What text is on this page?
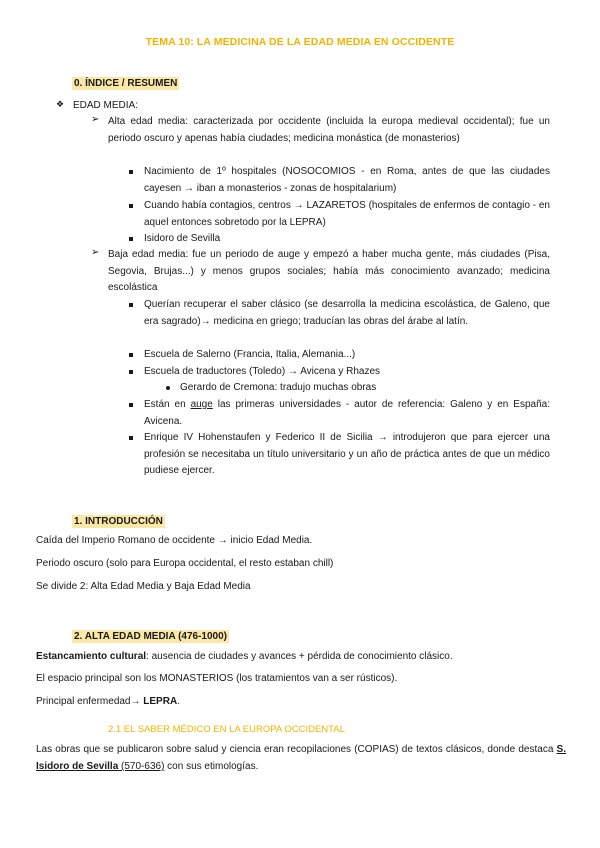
TEMA 10: LA MEDICINA DE LA EDAD MEDIA EN OCCIDENTE
0. ÍNDICE / RESUMEN
❖ EDAD MEDIA:
➢ Alta edad media: caracterizada por occidente (incluida la europa medieval occidental); fue un periodo oscuro y apenas había ciudades; medicina monástica (de monasterios)
Nacimiento de 1º hospitales (NOSOCOMIOS - en Roma, antes de que las ciudades cayesen → iban a monasterios - zonas de hospitalarium)
Cuando había contagios, centros → LAZARETOS (hospitales de enfermos de contagio - en aquel entonces sobretodo por la LEPRA)
Isidoro de Sevilla
➢ Baja edad media: fue un periodo de auge y empezó a haber mucha gente, más ciudades (Pisa, Segovia, Brujas...) y menos grupos sociales; había más conocimiento avanzado; medicina escolástica
Querían recuperar el saber clásico (se desarrolla la medicina escolástica, de Galeno, que era sagrado)→ medicina en griego; traducían las obras del árabe al latín.
Escuela de Salerno (Francia, Italia, Alemania...)
Escuela de traductores (Toledo) → Avicena y Rhazes
Gerardo de Cremona: tradujo muchas obras
Están en auge las primeras universidades - autor de referencia: Galeno y en España: Avicena.
Enrique IV Hohenstaufen y Federico II de Sicilia → introdujeron que para ejercer una profesión se necesitaba un título universitario y un año de práctica antes de que un médico pudiese ejercer.
1. INTRODUCCIÓN
Caída del Imperio Romano de occidente → inicio Edad Media.
Periodo oscuro (solo para Europa occidental, el resto estaban chill)
Se divide 2: Alta Edad Media y Baja Edad Media
2. ALTA EDAD MEDIA (476-1000)
Estancamiento cultural: ausencia de ciudades y avances + pérdida de conocimiento clásico.
El espacio principal son los MONASTERIOS (los tratamientos van a ser rústicos).
Principal enfermedad→ LEPRA.
2.1 EL SABER MÉDICO EN LA EUROPA OCCIDENTAL
Las obras que se publicaron sobre salud y ciencia eran recopilaciones (COPIAS) de textos clásicos, donde destaca S. Isidoro de Sevilla (570-636) con sus etimologías.
